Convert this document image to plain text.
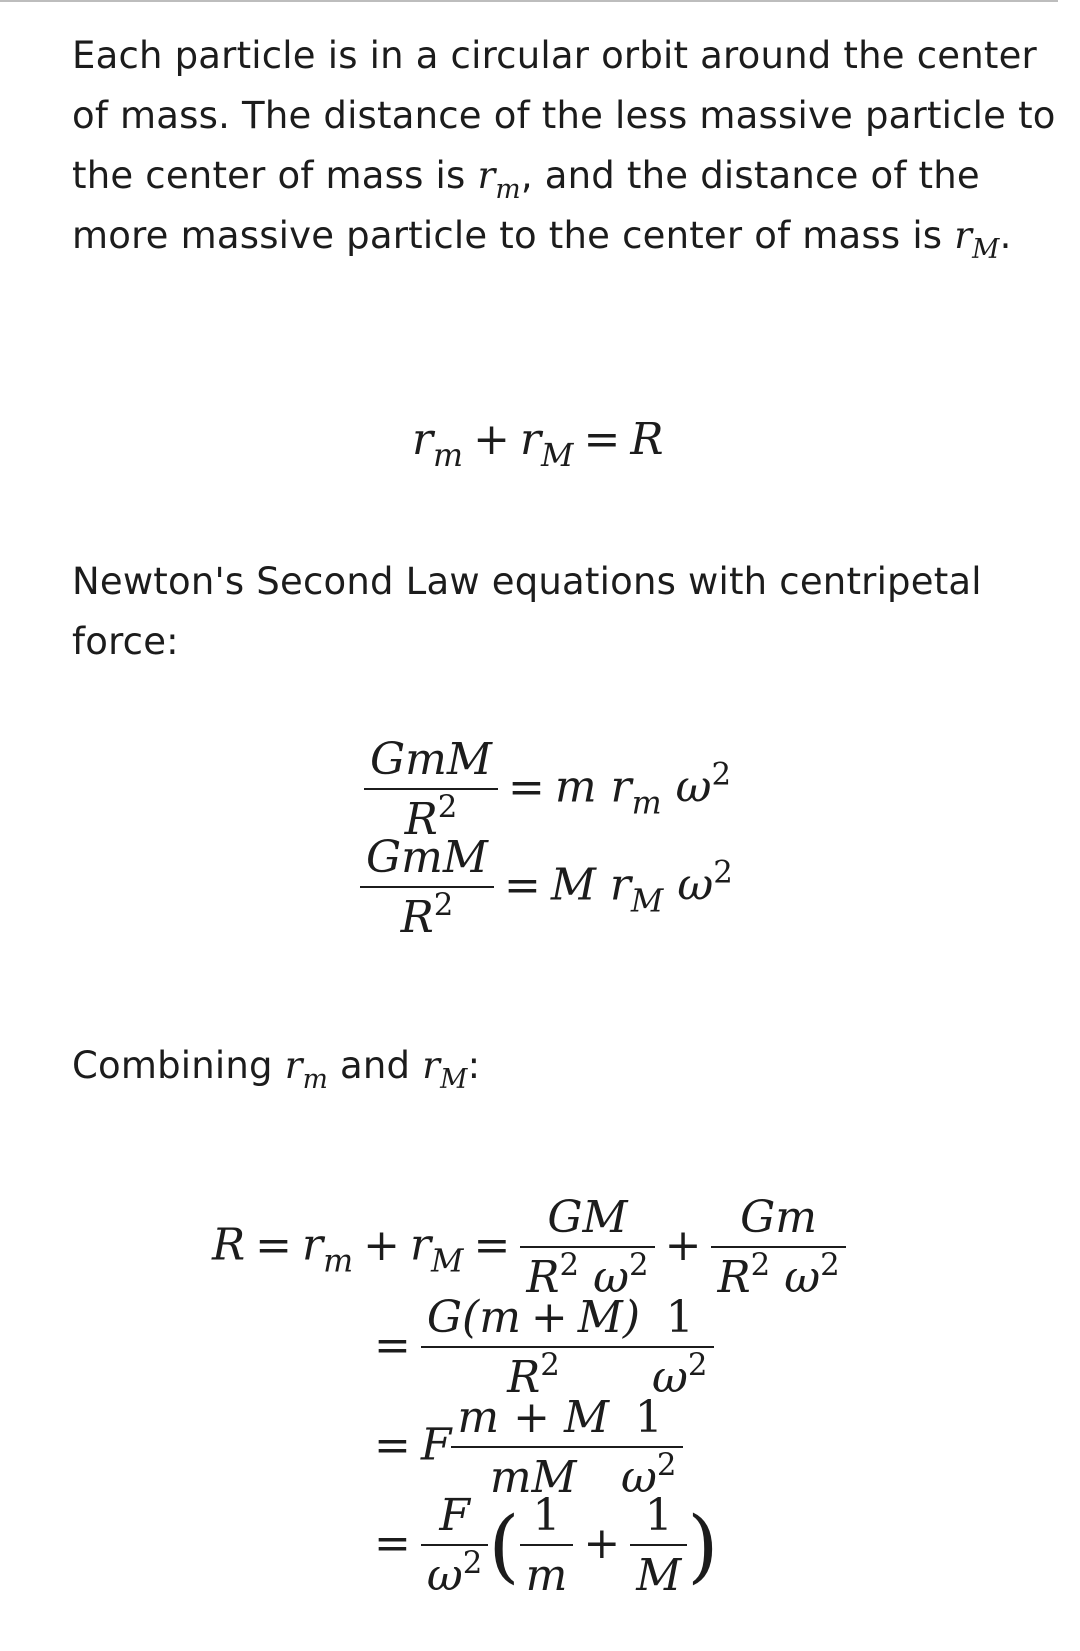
Each particle is in a circular orbit around the center of mass. The distance of the less massive particle to the center of mass is $r_m$, and the distance of the more massive particle to the center of mass is $r_M$.
$r_m + r_M = R$
Newton's Second Law equations with centripetal force:
$\frac{\text{GmM}}{R^2} = m$ $r_m$ $\omega^2$
$\frac{\text{GmM}}{R^2} = M$ $r_M$ $\omega^2$
Combining $r_m$ and $r_M$:
$R = r_m + r_M = \frac{GM}{R^2 \omega^2} + \frac{Gm}{R^2 \omega^2}$
= $\frac{G(m + M)}{R^2} \frac{1}{\omega^2}$
= F $\frac{m + M}{mM} \frac{1}{\omega^2}$
= $\frac{F}{\omega^2}$ ( $\frac{1}{m} + \frac{1}{M}$ )
